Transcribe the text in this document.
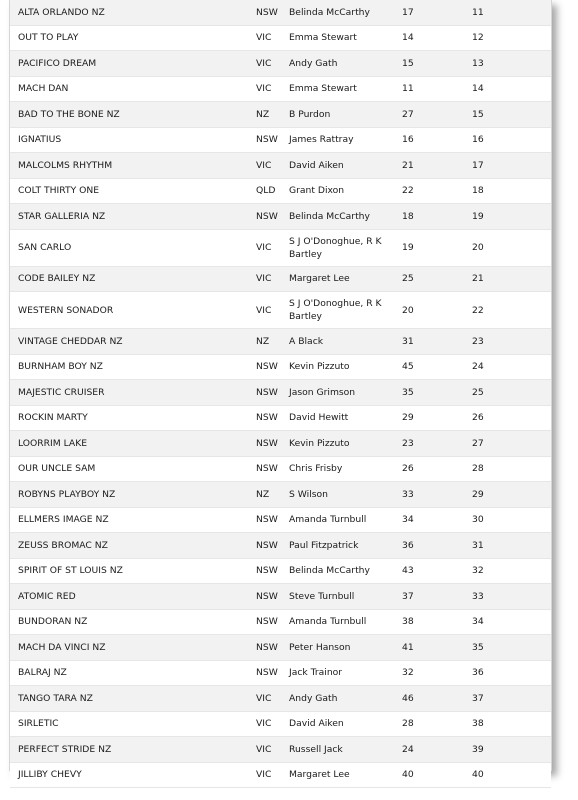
ALTA ORLANDO NZ	NSW	Belinda McCarthy	17	11
OUT TO PLAY	VIC	Emma Stewart	14	12
PACIFICO DREAM	VIC	Andy Gath	15	13
MACH DAN	VIC	Emma Stewart	11	14
BAD TO THE BONE NZ	NZ	B Purdon	27	15
IGNATIUS	NSW	James Rattray	16	16
MALCOLMS RHYTHM	VIC	David Aiken	21	17
COLT THIRTY ONE	QLD	Grant Dixon	22	18
STAR GALLERIA NZ	NSW	Belinda McCarthy	18	19
SAN CARLO	VIC	S J O'Donoghue, R K Bartley	19	20
CODE BAILEY NZ	VIC	Margaret Lee	25	21
WESTERN SONADOR	VIC	S J O'Donoghue, R K Bartley	20	22
VINTAGE CHEDDAR NZ	NZ	A Black	31	23
BURNHAM BOY NZ	NSW	Kevin Pizzuto	45	24
MAJESTIC CRUISER	NSW	Jason Grimson	35	25
ROCKIN MARTY	NSW	David Hewitt	29	26
LOORRIM LAKE	NSW	Kevin Pizzuto	23	27
OUR UNCLE SAM	NSW	Chris Frisby	26	28
ROBYNS PLAYBOY NZ	NZ	S Wilson	33	29
ELLMERS IMAGE NZ	NSW	Amanda Turnbull	34	30
ZEUSS BROMAC NZ	NSW	Paul Fitzpatrick	36	31
SPIRIT OF ST LOUIS NZ	NSW	Belinda McCarthy	43	32
ATOMIC RED	NSW	Steve Turnbull	37	33
BUNDORAN NZ	NSW	Amanda Turnbull	38	34
MACH DA VINCI NZ	NSW	Peter Hanson	41	35
BALRAJ NZ	NSW	Jack Trainor	32	36
TANGO TARA NZ	VIC	Andy Gath	46	37
SIRLETIC	VIC	David Aiken	28	38
PERFECT STRIDE NZ	VIC	Russell Jack	24	39
JILLIBY CHEVY	VIC	Margaret Lee	40	40
